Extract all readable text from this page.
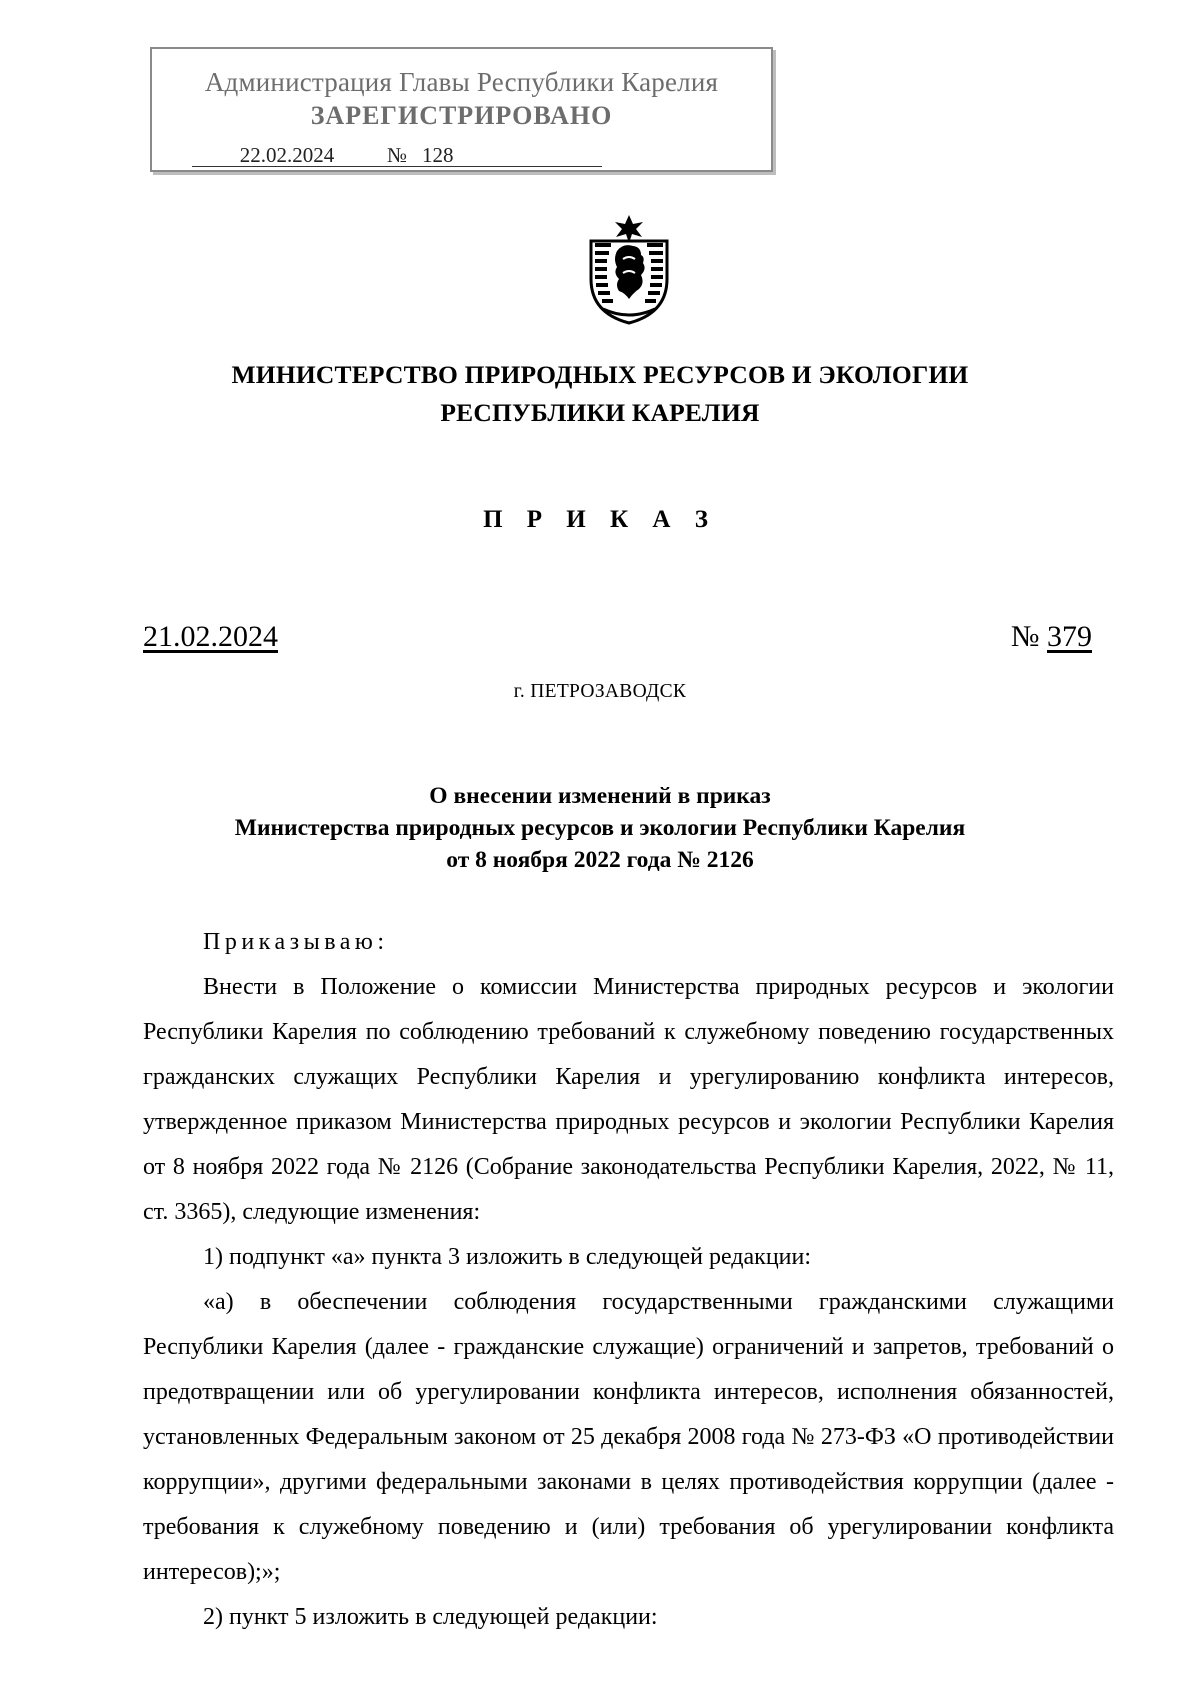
Администрация Главы Республики Карелия
ЗАРЕГИСТРИРОВАНО
22.02.2024	№ 128
МИНИСТЕРСТВО ПРИРОДНЫХ РЕСУРСОВ И ЭКОЛОГИИ
РЕСПУБЛИКИ КАРЕЛИЯ
П Р И К А З
21.02.2024	№ 379
г. ПЕТРОЗАВОДСК
О внесении изменений в приказ
Министерства природных ресурсов и экологии Республики Карелия
от 8 ноября 2022 года № 2126

Приказываю:

Внести в Положение о комиссии Министерства природных ресурсов и экологии Республики Карелия по соблюдению требований к служебному поведению государственных гражданских служащих Республики Карелия и урегулированию конфликта интересов, утвержденное приказом Министерства природных ресурсов и экологии Республики Карелия от 8 ноября 2022 года № 2126 (Собрание законодательства Республики Карелия, 2022, № 11, ст. 3365), следующие изменения:

1) подпункт «а» пункта 3 изложить в следующей редакции:

«а) в обеспечении соблюдения государственными гражданскими служащими Республики Карелия (далее - гражданские служащие) ограничений и запретов, требований о предотвращении или об урегулировании конфликта интересов, исполнения обязанностей, установленных Федеральным законом от 25 декабря 2008 года № 273-ФЗ «О противодействии коррупции», другими федеральными законами в целях противодействия коррупции (далее - требования к служебному поведению и (или) требования об урегулировании конфликта интересов);»;

2) пункт 5 изложить в следующей редакции:
